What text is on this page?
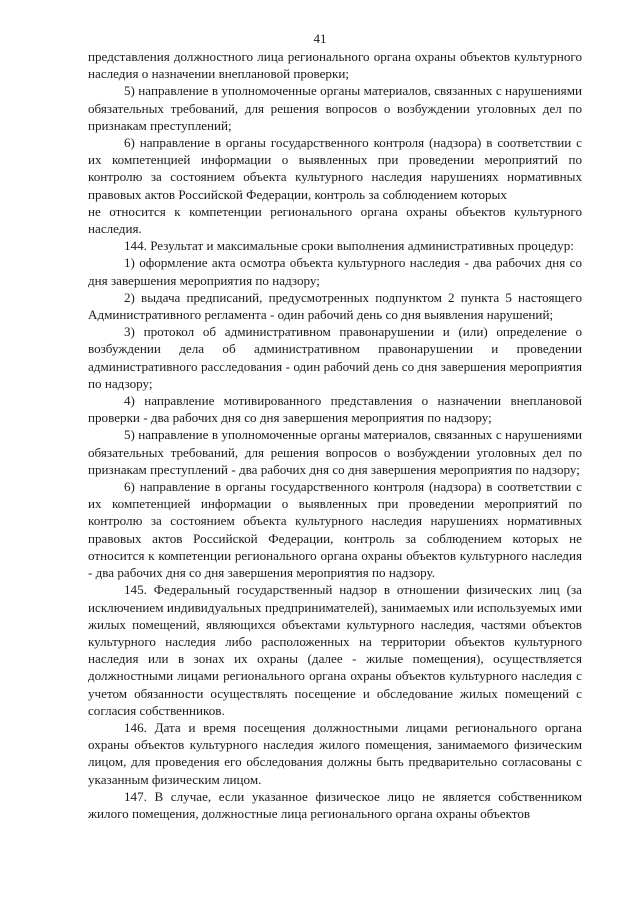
41

представления должностного лица регионального органа охраны объектов культурного наследия о назначении внеплановой проверки;

5) направление в уполномоченные органы материалов, связанных с нарушениями обязательных требований, для решения вопросов о возбуждении уголовных дел по признакам преступлений;

6) направление в органы государственного контроля (надзора) в соответствии с их компетенцией информации о выявленных при проведении мероприятий по контролю за состоянием объекта культурного наследия нарушениях нормативных правовых актов Российской Федерации, контроль за соблюдением которых

не относится к компетенции регионального органа охраны объектов культурного наследия.

144. Результат и максимальные сроки выполнения административных процедур:

1) оформление акта осмотра объекта культурного наследия - два рабочих дня со дня завершения мероприятия по надзору;

2) выдача предписаний, предусмотренных подпунктом 2 пункта 5 настоящего Административного регламента - один рабочий день со дня выявления нарушений;

3) протокол об административном правонарушении и (или) определение о возбуждении дела об административном правонарушении и проведении административного расследования - один рабочий день со дня завершения мероприятия по надзору;

4) направление мотивированного представления о назначении внеплановой проверки - два рабочих дня со дня завершения мероприятия по надзору;

5) направление в уполномоченные органы материалов, связанных с нарушениями обязательных требований, для решения вопросов о возбуждении уголовных дел по признакам преступлений - два рабочих дня со дня завершения мероприятия по надзору;

6) направление в органы государственного контроля (надзора) в соответствии с их компетенцией информации о выявленных при проведении мероприятий по контролю за состоянием объекта культурного наследия нарушениях нормативных правовых актов Российской Федерации, контроль за соблюдением которых не относится к компетенции регионального органа охраны объектов культурного наследия - два рабочих дня со дня завершения мероприятия по надзору.

145. Федеральный государственный надзор в отношении физических лиц (за исключением индивидуальных предпринимателей), занимаемых или используемых ими жилых помещений, являющихся объектами культурного наследия, частями объектов культурного наследия либо расположенных на территории объектов культурного наследия или в зонах их охраны (далее - жилые помещения), осуществляется должностными лицами регионального органа охраны объектов культурного наследия с учетом обязанности осуществлять посещение и обследование жилых помещений с согласия собственников.

146. Дата и время посещения должностными лицами регионального органа охраны объектов культурного наследия жилого помещения, занимаемого физическим лицом, для проведения его обследования должны быть предварительно согласованы с указанным физическим лицом.

147. В случае, если указанное физическое лицо не является собственником жилого помещения, должностные лица регионального органа охраны объектов
